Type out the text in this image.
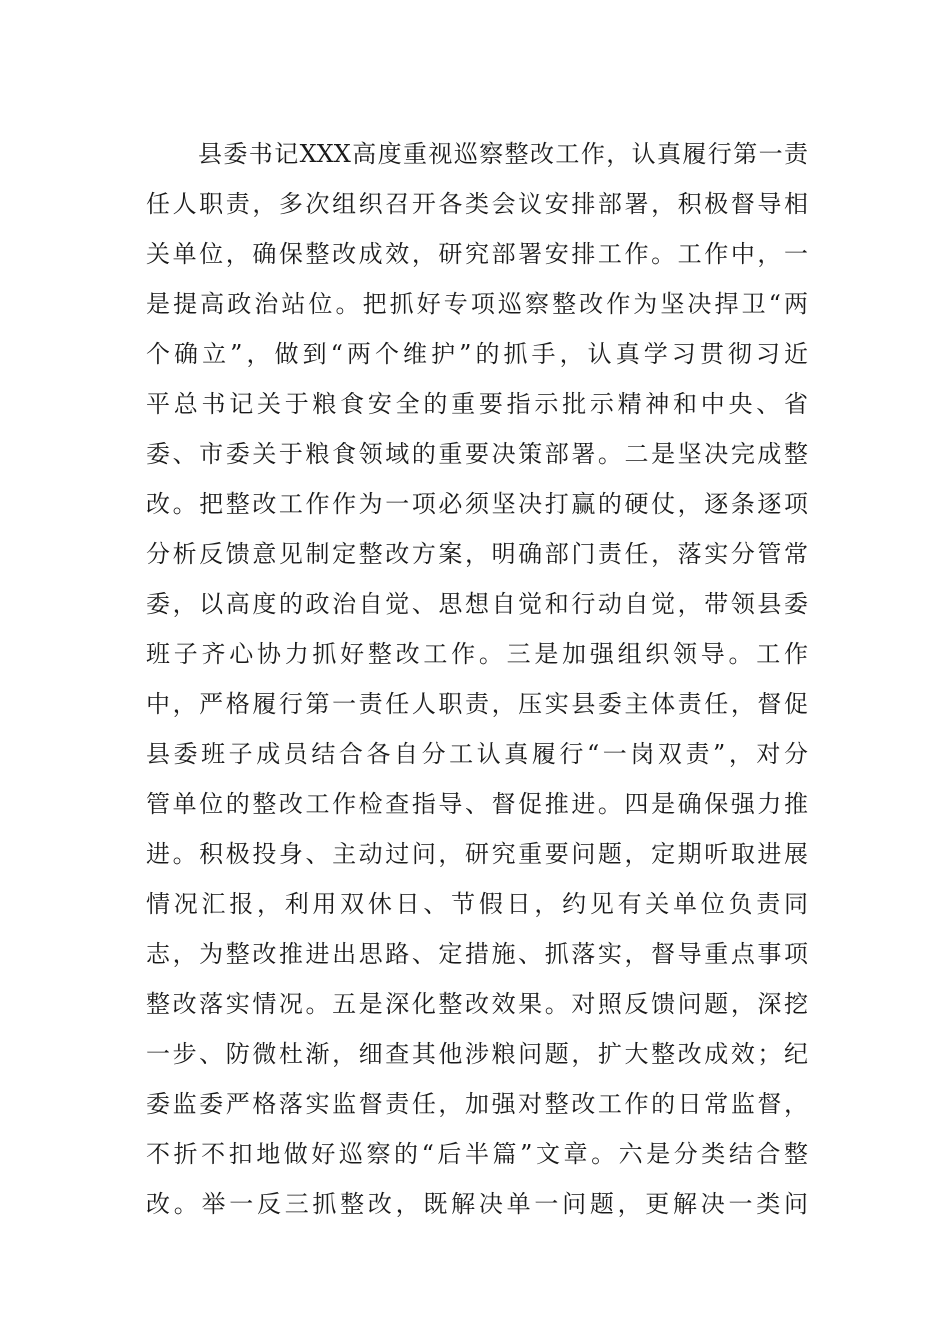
县委书记XXX高度重视巡察整改工作，认真履行第一责
任人职责，多次组织召开各类会议安排部署，积极督导相
关单位，确保整改成效，研究部署安排工作。工作中，一
是提高政治站位。把抓好专项巡察整改作为坚决捍卫“两
个确立”，做到“两个维护”的抓手，认真学习贯彻习近
平总书记关于粮食安全的重要指示批示精神和中央、省
委、市委关于粮食领域的重要决策部署。二是坚决完成整
改。把整改工作作为一项必须坚决打赢的硬仗，逐条逐项
分析反馈意见制定整改方案，明确部门责任，落实分管常
委，以高度的政治自觉、思想自觉和行动自觉，带领县委
班子齐心协力抓好整改工作。三是加强组织领导。工作
中，严格履行第一责任人职责，压实县委主体责任，督促
县委班子成员结合各自分工认真履行“一岗双责”，对分
管单位的整改工作检查指导、督促推进。四是确保强力推
进。积极投身、主动过问，研究重要问题，定期听取进展
情况汇报，利用双休日、节假日，约见有关单位负责同
志，为整改推进出思路、定措施、抓落实，督导重点事项
整改落实情况。五是深化整改效果。对照反馈问题，深挖
一步、防微杜渐，细查其他涉粮问题，扩大整改成效；纪
委监委严格落实监督责任，加强对整改工作的日常监督，
不折不扣地做好巡察的“后半篇”文章。六是分类结合整
改。举一反三抓整改，既解决单一问题，更解决一类问
